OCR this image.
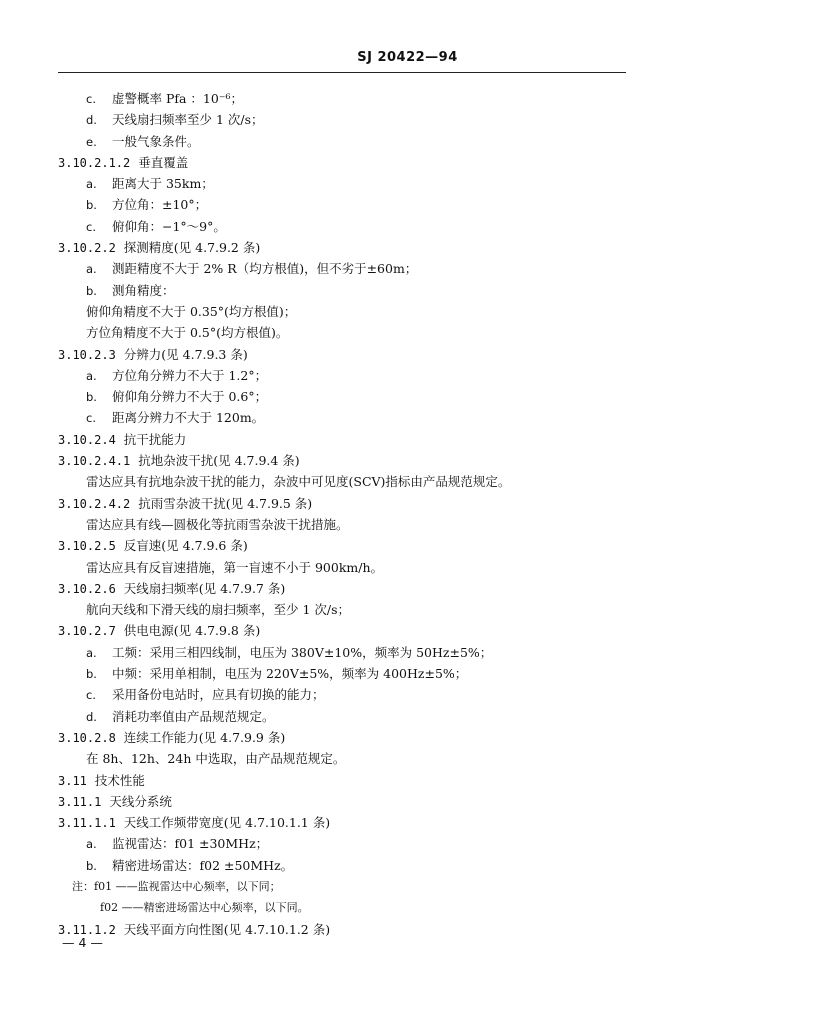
SJ 20422—94
c. 虚警概率 Pfa ：10⁻⁶；
d. 天线扇扫频率至少 1 次/s；
e. 一般气象条件。
3.10.2.1.2 垂直覆盖
a. 距离大于 35km；
b. 方位角：±10°；
c. 俯仰角：−1°～9°。
3.10.2.2 探测精度(见 4.7.9.2 条)
a. 测距精度不大于 2% R（均方根值)，但不劣于±60m；
b. 测角精度：
俯仰角精度不大于 0.35°(均方根值)；
方位角精度不大于 0.5°(均方根值)。
3.10.2.3 分辨力(见 4.7.9.3 条)
a. 方位角分辨力不大于 1.2°；
b. 俯仰角分辨力不大于 0.6°；
c. 距离分辨力不大于 120m。
3.10.2.4 抗干扰能力
3.10.2.4.1 抗地杂波干扰(见 4.7.9.4 条)
雷达应具有抗地杂波干扰的能力，杂波中可见度(SCV)指标由产品规范规定。
3.10.2.4.2 抗雨雪杂波干扰(见 4.7.9.5 条)
雷达应具有线—圆极化等抗雨雪杂波干扰措施。
3.10.2.5 反盲速(见 4.7.9.6 条)
雷达应具有反盲速措施，第一盲速不小于 900km/h。
3.10.2.6 天线扇扫频率(见 4.7.9.7 条)
航向天线和下滑天线的扇扫频率，至少 1 次/s；
3.10.2.7 供电电源(见 4.7.9.8 条)
a. 工频：采用三相四线制，电压为 380V±10%，频率为 50Hz±5%；
b. 中频：采用单相制，电压为 220V±5%，频率为 400Hz±5%；
c. 采用备份电站时，应具有切换的能力；
d. 消耗功率值由产品规范规定。
3.10.2.8 连续工作能力(见 4.7.9.9 条)
在 8h、12h、24h 中选取，由产品规范规定。
3.11 技术性能
3.11.1 天线分系统
3.11.1.1 天线工作频带宽度(见 4.7.10.1.1 条)
a. 监视雷达：f01 ±30MHz；
b. 精密进场雷达：f02 ±50MHz。
注：f01 ——监视雷达中心频率，以下同；
f02 ——精密进场雷达中心频率，以下同。
3.11.1.2 天线平面方向性图(见 4.7.10.1.2 条)
— 4 —
